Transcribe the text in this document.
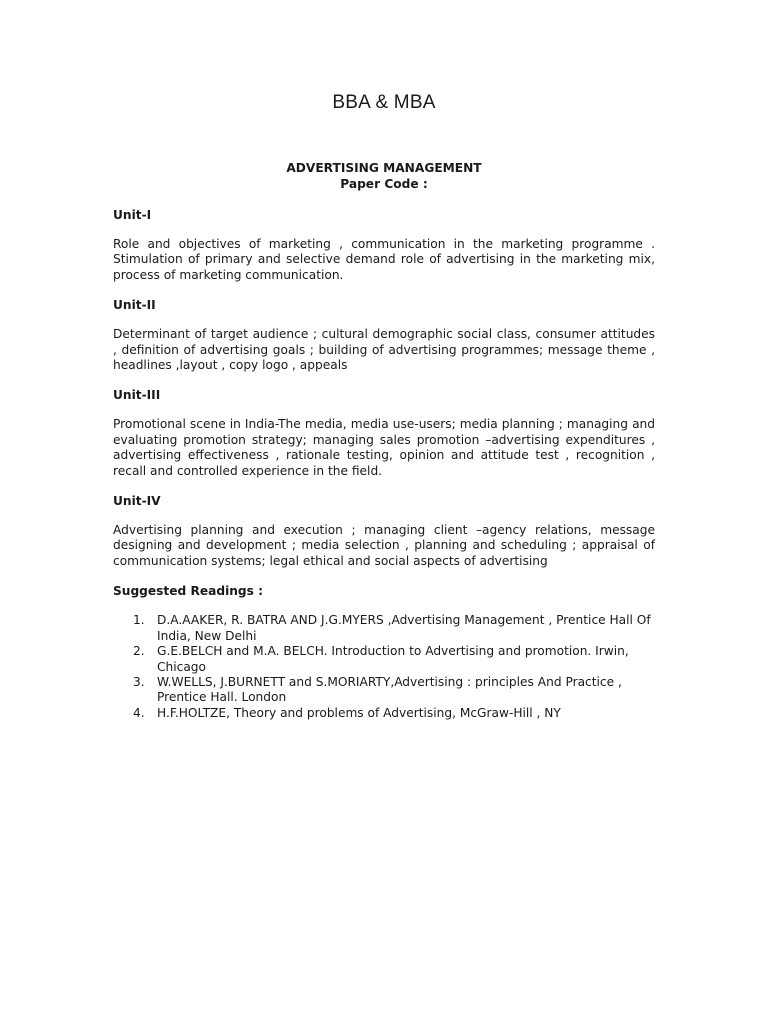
BBA & MBA
ADVERTISING MANAGEMENT
Paper Code :

Unit-I

Role and objectives of marketing , communication in the marketing programme . Stimulation of primary and selective demand role of advertising in the marketing mix, process of marketing communication.

Unit-II

Determinant of target audience ; cultural demographic social class, consumer attitudes , definition of advertising goals ; building of advertising programmes; message theme , headlines ,layout , copy logo , appeals

Unit-III

Promotional scene in India-The media, media use-users; media planning ; managing and evaluating promotion strategy; managing sales promotion –advertising expenditures , advertising effectiveness , rationale testing, opinion and attitude test , recognition , recall and controlled experience in the field.

Unit-IV

Advertising planning and execution ; managing client –agency relations, message designing and development ; media selection , planning and scheduling ; appraisal of communication systems; legal ethical and social aspects of advertising

Suggested Readings :

1. D.A.AAKER, R. BATRA AND J.G.MYERS ,Advertising Management , Prentice Hall Of India, New Delhi
2. G.E.BELCH and M.A. BELCH. Introduction to Advertising and promotion. Irwin, Chicago
3. W.WELLS, J.BURNETT and S.MORIARTY,Advertising : principles And Practice , Prentice Hall. London
4. H.F.HOLTZE, Theory and problems of Advertising, McGraw-Hill , NY
